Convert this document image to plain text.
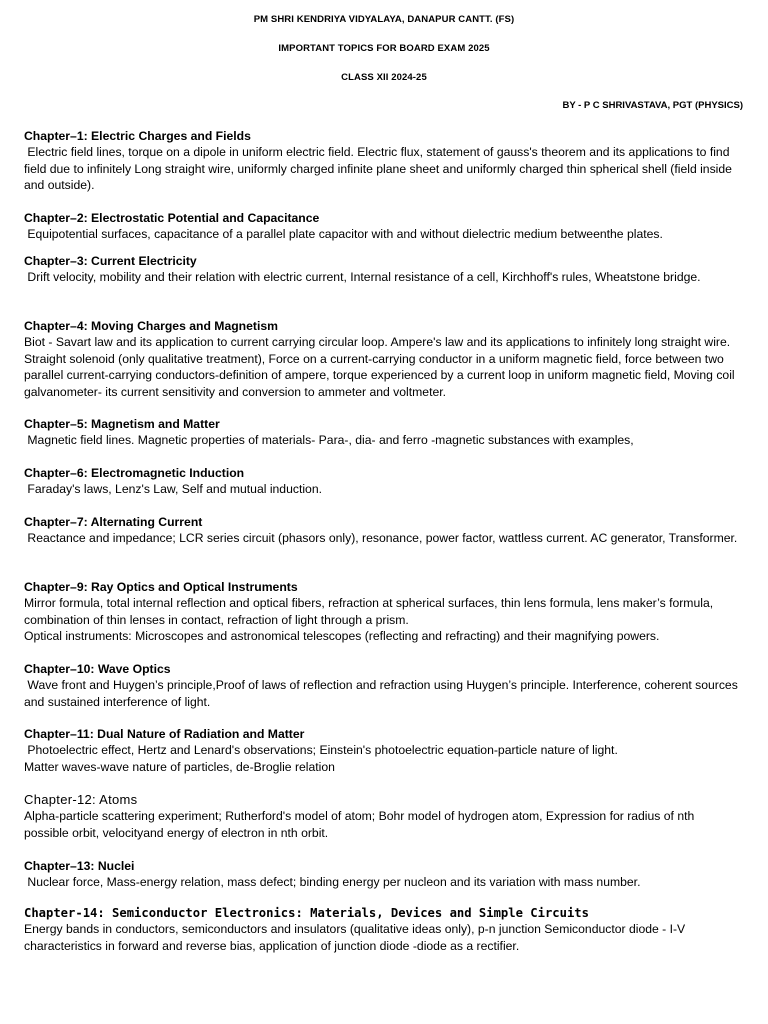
PM SHRI KENDRIYA VIDYALAYA, DANAPUR CANTT. (FS)
IMPORTANT TOPICS FOR BOARD EXAM 2025
CLASS XII 2024-25
BY - P C SHRIVASTAVA, PGT (PHYSICS)
Chapter–1: Electric Charges and Fields
Electric field lines, torque on a dipole in uniform electric field. Electric flux, statement of gauss's theorem and its applications to find field due to infinitely Long straight wire, uniformly charged infinite plane sheet and uniformly charged thin spherical shell (field inside and outside).
Chapter–2: Electrostatic Potential and Capacitance
Equipotential surfaces, capacitance of a parallel plate capacitor with and without dielectric medium betweenthe plates.
Chapter–3: Current Electricity
Drift velocity, mobility and their relation with electric current, Internal resistance of a cell, Kirchhoff's rules, Wheatstone bridge.
Chapter–4: Moving Charges and Magnetism
Biot - Savart law and its application to current carrying circular loop. Ampere's law and its applications to infinitely long straight wire. Straight solenoid (only qualitative treatment), Force on a current-carrying conductor in a uniform magnetic field, force between two parallel current-carrying conductors-definition of ampere, torque experienced by a current loop in uniform magnetic field, Moving coil galvanometer- its current sensitivity and conversion to ammeter and voltmeter.
Chapter–5: Magnetism and Matter
Magnetic field lines. Magnetic properties of materials- Para-, dia- and ferro -magnetic substances with examples,
Chapter–6: Electromagnetic Induction
Faraday's laws, Lenz's Law, Self and mutual induction.
Chapter–7: Alternating Current
Reactance and impedance; LCR series circuit (phasors only), resonance, power factor, wattless current. AC generator, Transformer.
Chapter–9: Ray Optics and Optical Instruments
Mirror formula, total internal reflection and optical fibers, refraction at spherical surfaces, thin lens formula, lens maker’s formula, combination of thin lenses in contact, refraction of light through a prism.
Optical instruments: Microscopes and astronomical telescopes (reflecting and refracting) and their magnifying powers.
Chapter–10: Wave Optics
Wave front and Huygen’s principle,Proof of laws of reflection and refraction using Huygen’s principle. Interference, coherent sources and sustained interference of light.
Chapter–11: Dual Nature of Radiation and Matter
Photoelectric effect, Hertz and Lenard's observations; Einstein's photoelectric equation-particle nature of light.
Matter waves-wave nature of particles, de-Broglie relation
Chapter-12: Atoms
Alpha-particle scattering experiment; Rutherford's model of atom; Bohr model of hydrogen atom, Expression for radius of nth possible orbit, velocityand energy of electron in nth orbit.
Chapter–13: Nuclei
Nuclear force, Mass-energy relation, mass defect; binding energy per nucleon and its variation with mass number.
Chapter-14: Semiconductor Electronics: Materials, Devices and Simple Circuits
Energy bands in conductors, semiconductors and insulators (qualitative ideas only), p-n junction Semiconductor diode - I-V characteristics in forward and reverse bias, application of junction diode -diode as a rectifier.
